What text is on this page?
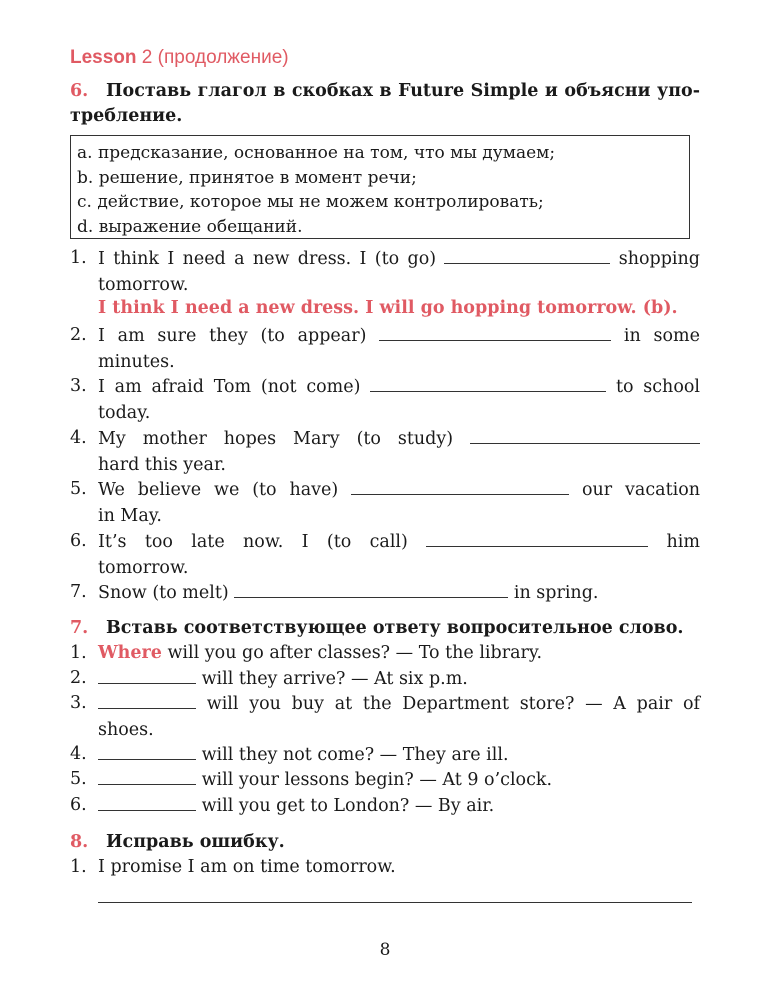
Lesson 2 (продолжение)
6. Поставь глагол в скобках в Future Simple и объясни упо-
требление.
a. предсказание, основанное на том, что мы думаем;
b. решение, принятое в момент речи;
c. действие, которое мы не можем контролировать;
d. выражение обещаний.
1. I think I need a new dress. I (to go)	shopping
tomorrow.
I think I need a new dress. I will go hopping tomorrow. (b).
2. I am sure they (to appear)	in some
minutes.
3. I am afraid Tom (not come)	to school
today.
4. My mother hopes Mary (to study)
hard this year.
5. We believe we (to have)	our vacation
in May.
6. It’s too late now. I (to call)	him
tomorrow.
7. Snow (to melt)	in spring.
7. Вставь соответствующее ответу вопросительное слово.
1. Where will you go after classes? — To the library.
2.	will they arrive? — At six p.m.
3.	will you buy at the Department store? — A pair of
shoes.
4.	will they not come? — They are ill.
5.	will your lessons begin? — At 9 o’clock.
6.	will you get to London? — By air.
8. Исправь ошибку.
1. I promise I am on time tomorrow.
8
